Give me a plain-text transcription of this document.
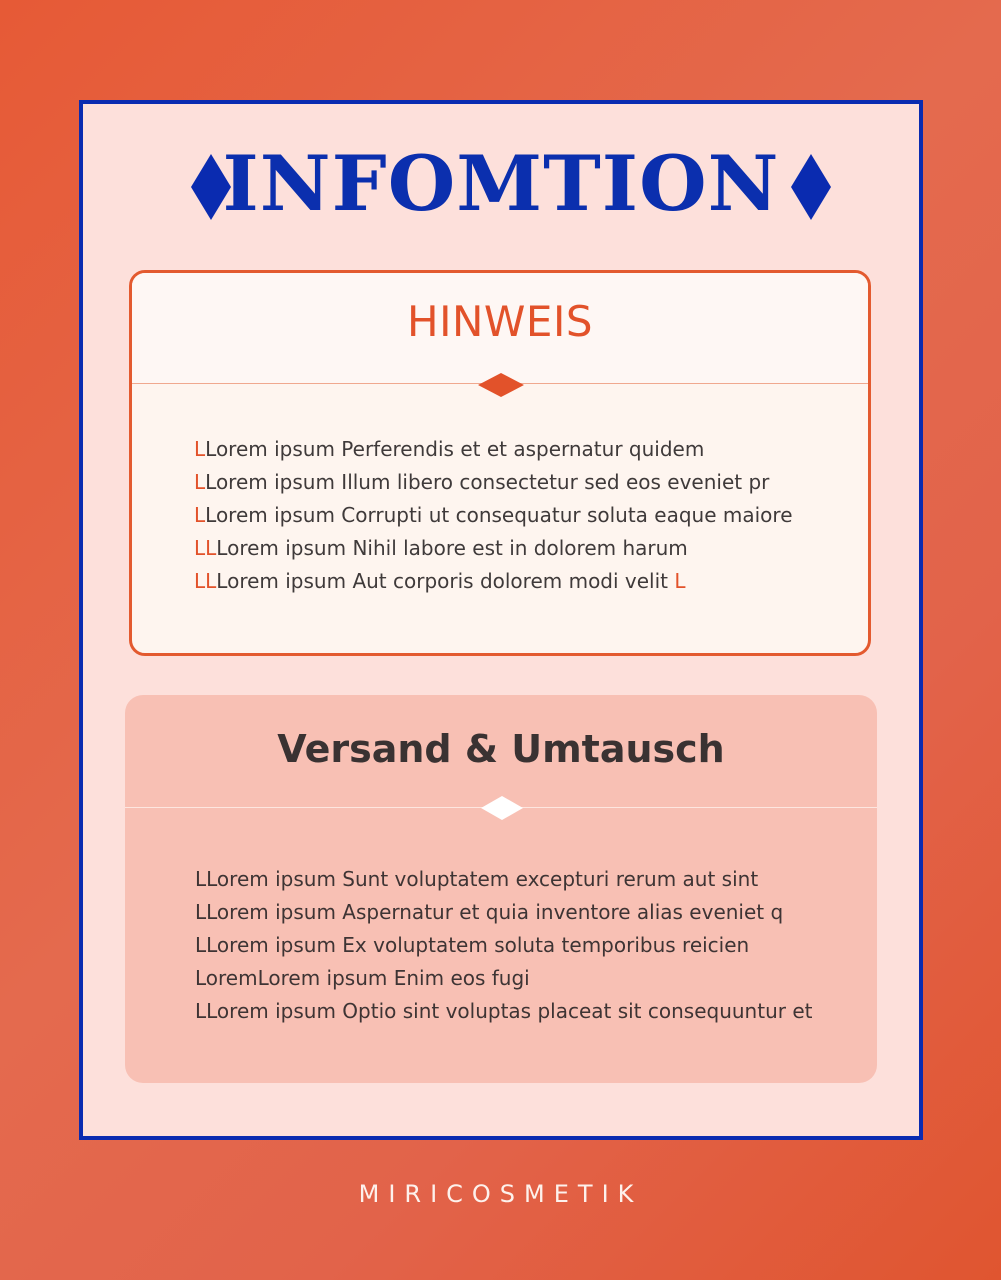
INFOMTION
HINWEIS
LLorem ipsum Perferendis et et aspernatur quidem
LLorem ipsum Illum libero consectetur sed eos eveniet pr
LLorem ipsum Corrupti ut consequatur soluta eaque maiore
LLLorem ipsum Nihil labore est in dolorem harum
LLLorem ipsum Aut corporis dolorem modi velit L
Versand & Umtausch
LLorem ipsum Sunt voluptatem excepturi rerum aut sint
LLorem ipsum Aspernatur et quia inventore alias eveniet q
LLorem ipsum Ex voluptatem soluta temporibus reicien
LoremLorem ipsum Enim eos fugi
LLorem ipsum Optio sint voluptas placeat sit consequuntur et
MIRICOSMETIK
